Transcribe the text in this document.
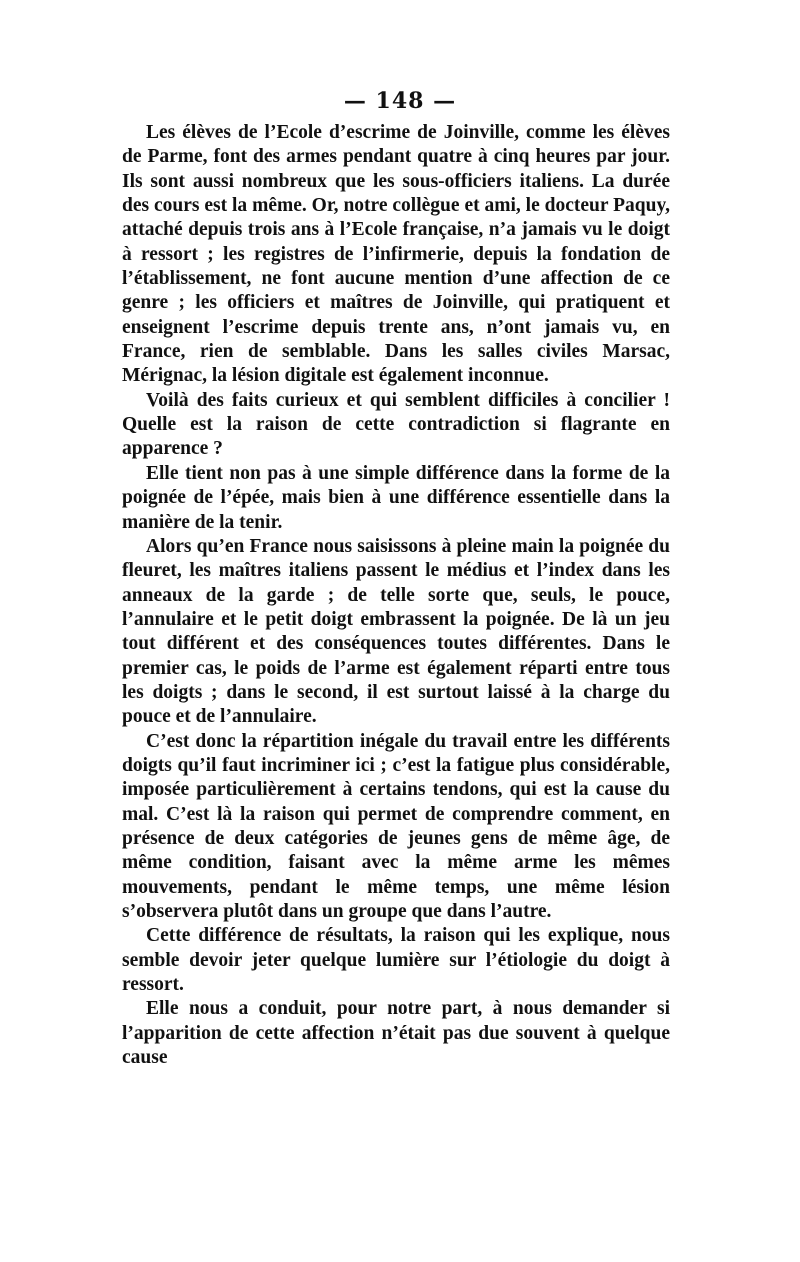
— 148 —

Les élèves de l’Ecole d’escrime de Joinville, comme les élèves de Parme, font des armes pendant quatre à cinq heures par jour. Ils sont aussi nombreux que les sous-officiers italiens. La durée des cours est la même. Or, notre collègue et ami, le docteur Paquy, attaché depuis trois ans à l’Ecole française, n’a jamais vu le doigt à ressort ; les registres de l’infirmerie, depuis la fondation de l’établissement, ne font aucune mention d’une affection de ce genre ; les officiers et maîtres de Joinville, qui pratiquent et enseignent l’escrime depuis trente ans, n’ont jamais vu, en France, rien de semblable. Dans les salles civiles Marsac, Mérignac, la lésion digitale est également inconnue.

Voilà des faits curieux et qui semblent difficiles à concilier ! Quelle est la raison de cette contradiction si flagrante en apparence ?

Elle tient non pas à une simple différence dans la forme de la poignée de l’épée, mais bien à une différence essentielle dans la manière de la tenir.

Alors qu’en France nous saisissons à pleine main la poignée du fleuret, les maîtres italiens passent le médius et l’index dans les anneaux de la garde ; de telle sorte que, seuls, le pouce, l’annulaire et le petit doigt embrassent la poignée. De là un jeu tout différent et des conséquences toutes différentes. Dans le premier cas, le poids de l’arme est également réparti entre tous les doigts ; dans le second, il est surtout laissé à la charge du pouce et de l’annulaire.

C’est donc la répartition inégale du travail entre les différents doigts qu’il faut incriminer ici ; c’est la fatigue plus considérable, imposée particulièrement à certains tendons, qui est la cause du mal. C’est là la raison qui permet de comprendre comment, en présence de deux catégories de jeunes gens de même âge, de même condition, faisant avec la même arme les mêmes mouvements, pendant le même temps, une même lésion s’observera plutôt dans un groupe que dans l’autre.

Cette différence de résultats, la raison qui les explique, nous semble devoir jeter quelque lumière sur l’étiologie du doigt à ressort.

Elle nous a conduit, pour notre part, à nous demander si l’apparition de cette affection n’était pas due souvent à quelque cause
